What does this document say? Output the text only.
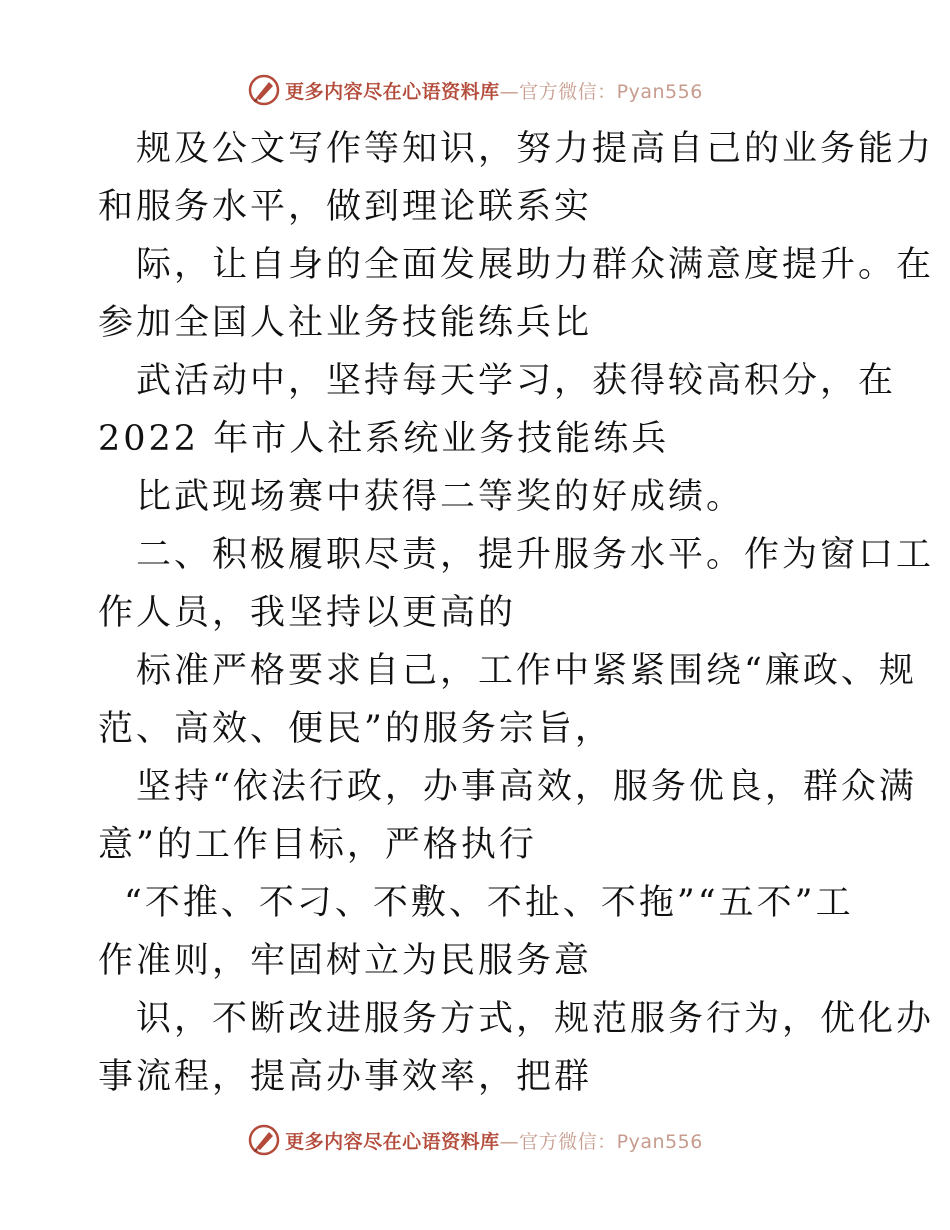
更多内容尽在心语资料库—官方微信：Pyan556
规及公文写作等知识，努力提高自己的业务能力
和服务水平，做到理论联系实
际，让自身的全面发展助力群众满意度提升。在
参加全国人社业务技能练兵比
武活动中，坚持每天学习，获得较高积分，在
2022 年市人社系统业务技能练兵
比武现场赛中获得二等奖的好成绩。
二、积极履职尽责，提升服务水平。作为窗口工
作人员，我坚持以更高的
标准严格要求自己，工作中紧紧围绕“廉政、规
范、高效、便民”的服务宗旨，
坚持“依法行政，办事高效，服务优良，群众满
意”的工作目标，严格执行
“不推、不刁、不敷、不扯、不拖”“五不”工
作准则，牢固树立为民服务意
识，不断改进服务方式，规范服务行为，优化办
事流程，提高办事效率，把群
更多内容尽在心语资料库—官方微信：Pyan556
